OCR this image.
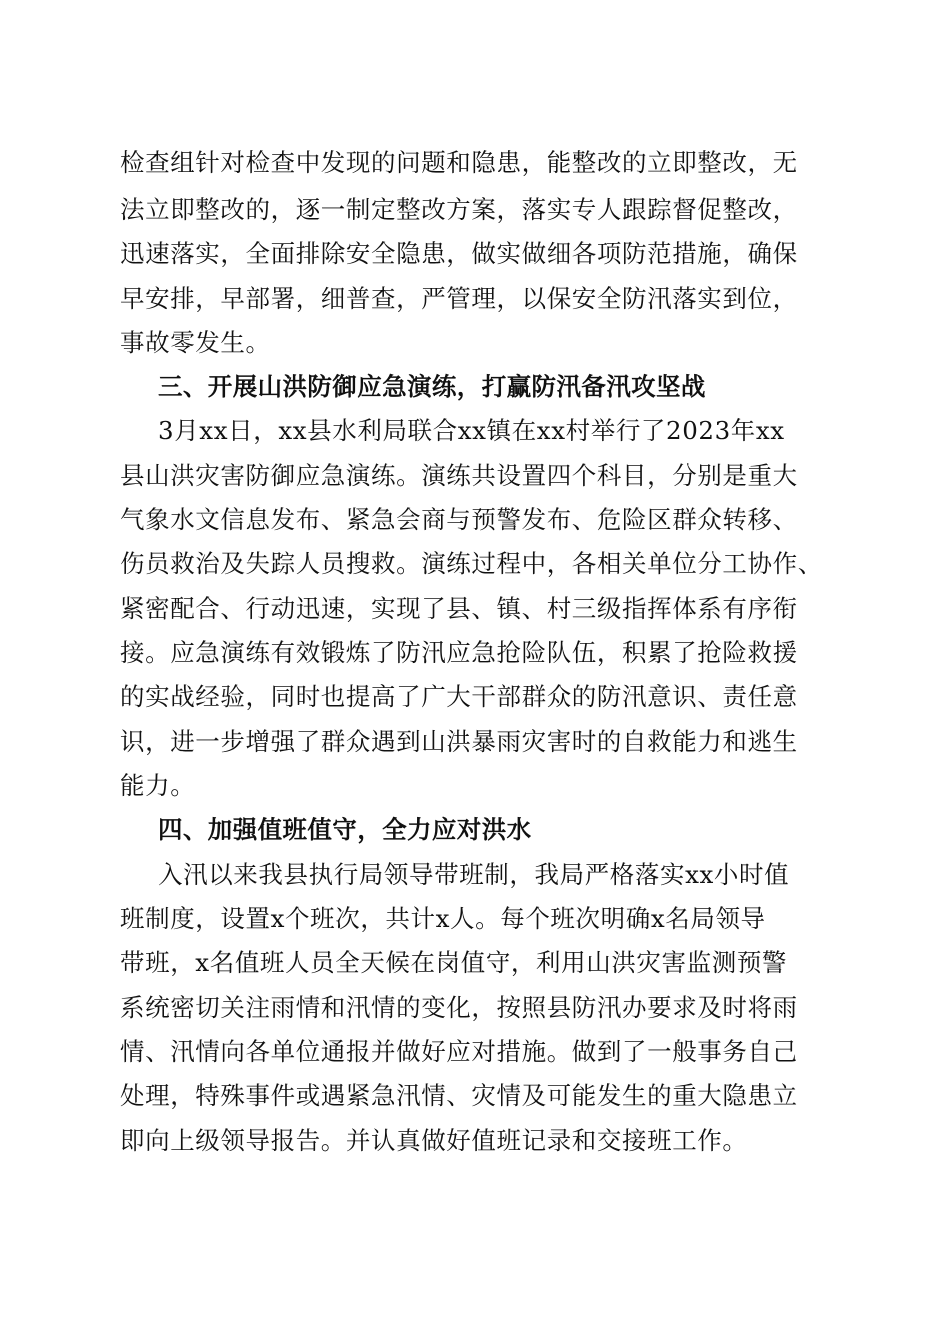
检查组针对检查中发现的问题和隐患，能整改的立即整改，无
法立即整改的，逐一制定整改方案，落实专人跟踪督促整改，
迅速落实，全面排除安全隐患，做实做细各项防范措施，确保
早安排，早部署，细普查，严管理，以保安全防汛落实到位，
事故零发生。
三、开展山洪防御应急演练，打赢防汛备汛攻坚战
3月xx日，xx县水利局联合xx镇在xx村举行了2023年xx
县山洪灾害防御应急演练。演练共设置四个科目，分别是重大
气象水文信息发布、紧急会商与预警发布、危险区群众转移、
伤员救治及失踪人员搜救。演练过程中，各相关单位分工协作、
紧密配合、行动迅速，实现了县、镇、村三级指挥体系有序衔
接。应急演练有效锻炼了防汛应急抢险队伍，积累了抢险救援
的实战经验，同时也提高了广大干部群众的防汛意识、责任意
识，进一步增强了群众遇到山洪暴雨灾害时的自救能力和逃生
能力。
四、加强值班值守，全力应对洪水
入汛以来我县执行局领导带班制，我局严格落实xx小时值
班制度，设置x个班次，共计x人。每个班次明确x名局领导
带班，x名值班人员全天候在岗值守，利用山洪灾害监测预警
系统密切关注雨情和汛情的变化，按照县防汛办要求及时将雨
情、汛情向各单位通报并做好应对措施。做到了一般事务自己
处理，特殊事件或遇紧急汛情、灾情及可能发生的重大隐患立
即向上级领导报告。并认真做好值班记录和交接班工作。
